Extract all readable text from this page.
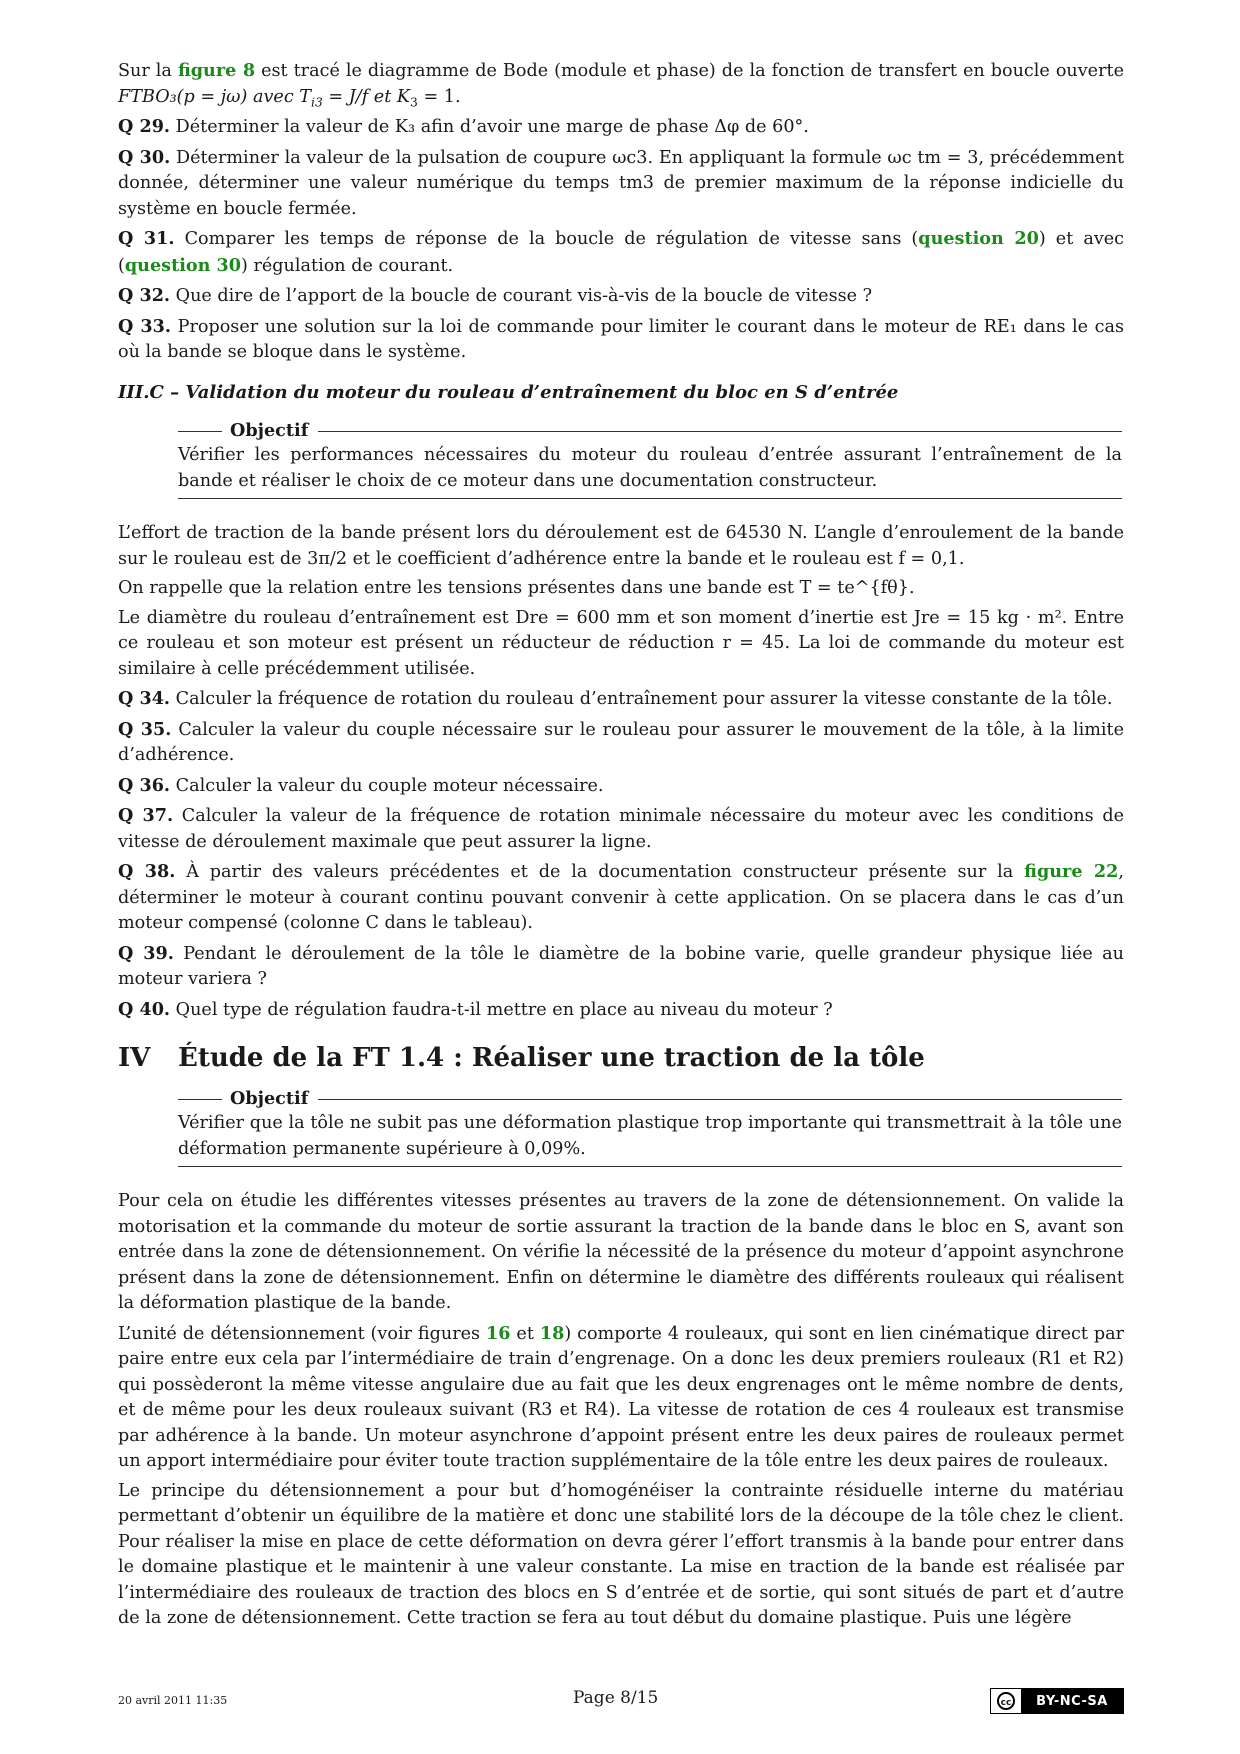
Sur la figure 8 est tracé le diagramme de Bode (module et phase) de la fonction de transfert en boucle ouverte FTBO₃(p = jω) avec $T_{i3} = J/f$ et $K_3 = 1$.

Q 29. Déterminer la valeur de K₃ afin d’avoir une marge de phase Δφ de 60°.
Q 30. Déterminer la valeur de la pulsation de coupure ωc3. En appliquant la formule ωc tm = 3, précédemment donnée, déterminer une valeur numérique du temps tm3 de premier maximum de la réponse indicielle du système en boucle fermée.
Q 31. Comparer les temps de réponse de la boucle de régulation de vitesse sans (question 20) et avec (question 30) régulation de courant.
Q 32. Que dire de l’apport de la boucle de courant vis-à-vis de la boucle de vitesse ?
Q 33. Proposer une solution sur la loi de commande pour limiter le courant dans le moteur de RE₁ dans le cas où la bande se bloque dans le système.
III.C – Validation du moteur du rouleau d’entraînement du bloc en S d’entrée
Objectif
Vérifier les performances nécessaires du moteur du rouleau d’entrée assurant l’entraînement de la bande et réaliser le choix de ce moteur dans une documentation constructeur.

L’effort de traction de la bande présent lors du déroulement est de 64530 N. L’angle d’enroulement de la bande sur le rouleau est de 3π/2 et le coefficient d’adhérence entre la bande et le rouleau est f = 0,1.

On rappelle que la relation entre les tensions présentes dans une bande est T = te^{fθ}.

Le diamètre du rouleau d’entraînement est Dre = 600 mm et son moment d’inertie est Jre = 15 kg · m². Entre ce rouleau et son moteur est présent un réducteur de réduction r = 45. La loi de commande du moteur est similaire à celle précédemment utilisée.

Q 34. Calculer la fréquence de rotation du rouleau d’entraînement pour assurer la vitesse constante de la tôle.
Q 35. Calculer la valeur du couple nécessaire sur le rouleau pour assurer le mouvement de la tôle, à la limite d’adhérence.
Q 36. Calculer la valeur du couple moteur nécessaire.
Q 37. Calculer la valeur de la fréquence de rotation minimale nécessaire du moteur avec les conditions de vitesse de déroulement maximale que peut assurer la ligne.
Q 38. À partir des valeurs précédentes et de la documentation constructeur présente sur la figure 22, déterminer le moteur à courant continu pouvant convenir à cette application. On se placera dans le cas d’un moteur compensé (colonne C dans le tableau).
Q 39. Pendant le déroulement de la tôle le diamètre de la bobine varie, quelle grandeur physique liée au moteur variera ?
Q 40. Quel type de régulation faudra-t-il mettre en place au niveau du moteur ?
IV	Étude de la FT 1.4 : Réaliser une traction de la tôle
Objectif
Vérifier que la tôle ne subit pas une déformation plastique trop importante qui transmettrait à la tôle une déformation permanente supérieure à 0,09%.

Pour cela on étudie les différentes vitesses présentes au travers de la zone de détensionnement. On valide la motorisation et la commande du moteur de sortie assurant la traction de la bande dans le bloc en S, avant son entrée dans la zone de détensionnement. On vérifie la nécessité de la présence du moteur d’appoint asynchrone présent dans la zone de détensionnement. Enfin on détermine le diamètre des différents rouleaux qui réalisent la déformation plastique de la bande.

L’unité de détensionnement (voir figures 16 et 18) comporte 4 rouleaux, qui sont en lien cinématique direct par paire entre eux cela par l’intermédiaire de train d’engrenage. On a donc les deux premiers rouleaux (R1 et R2) qui possèderont la même vitesse angulaire due au fait que les deux engrenages ont le même nombre de dents, et de même pour les deux rouleaux suivant (R3 et R4). La vitesse de rotation de ces 4 rouleaux est transmise par adhérence à la bande. Un moteur asynchrone d’appoint présent entre les deux paires de rouleaux permet un apport intermédiaire pour éviter toute traction supplémentaire de la tôle entre les deux paires de rouleaux.

Le principe du détensionnement a pour but d’homogénéiser la contrainte résiduelle interne du matériau permettant d’obtenir un équilibre de la matière et donc une stabilité lors de la découpe de la tôle chez le client. Pour réaliser la mise en place de cette déformation on devra gérer l’effort transmis à la bande pour entrer dans le domaine plastique et le maintenir à une valeur constante. La mise en traction de la bande est réalisée par l’intermédiaire des rouleaux de traction des blocs en S d’entrée et de sortie, qui sont situés de part et d’autre de la zone de détensionnement. Cette traction se fera au tout début du domaine plastique. Puis une légère

20 avril 2011 11:35	Page 8/15	cc	BY-NC-SA
